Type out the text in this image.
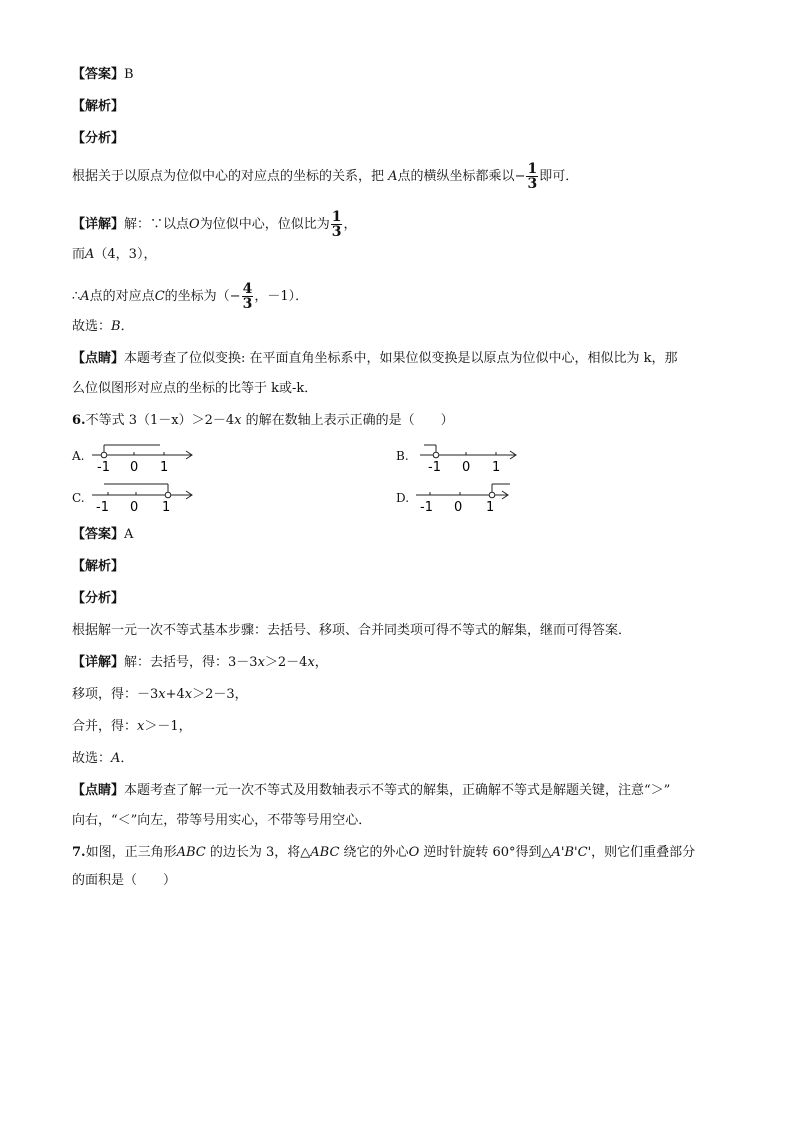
【答案】B
【解析】
【分析】
根据关于以原点为位似中心的对应点的坐标的关系，把 A点的横纵坐标都乘以− $\frac{1}{3}$ 即可．
【详解】解：∵以点O为位似中心，位似比为 $\frac{1}{3}$ ，
而A（4，3），
∴A点的对应点C的坐标为（− $\frac{4}{3}$ ，－1）．
故选：B．
【点睛】本题考查了位似变换: 在平面直角坐标系中，如果位似变换是以原点为位似中心，相似比为 k，那
么位似图形对应点的坐标的比等于 k或-k．
6.不等式 3（1－x）＞2－4x 的解在数轴上表示正确的是（　　）
A.
-1 0 1
B.
-1 0 1
C.
-1 0 1
D.
-1 0 1
【答案】A
【解析】
【分析】
根据解一元一次不等式基本步骤：去括号、移项、合并同类项可得不等式的解集，继而可得答案．
【详解】解：去括号，得：3－3x＞2－4x，
移项，得：－3x+4x＞2－3，
合并，得：x＞－1，
故选：A．
【点睛】本题考查了解一元一次不等式及用数轴表示不等式的解集，正确解不等式是解题关键，注意“＞”
向右，“＜”向左，带等号用实心，不带等号用空心．
7.如图，正三角形ABC 的边长为 3，将△ABC 绕它的外心O 逆时针旋转 60°得到△A'B'C'，则它们重叠部分
的面积是（　　）
